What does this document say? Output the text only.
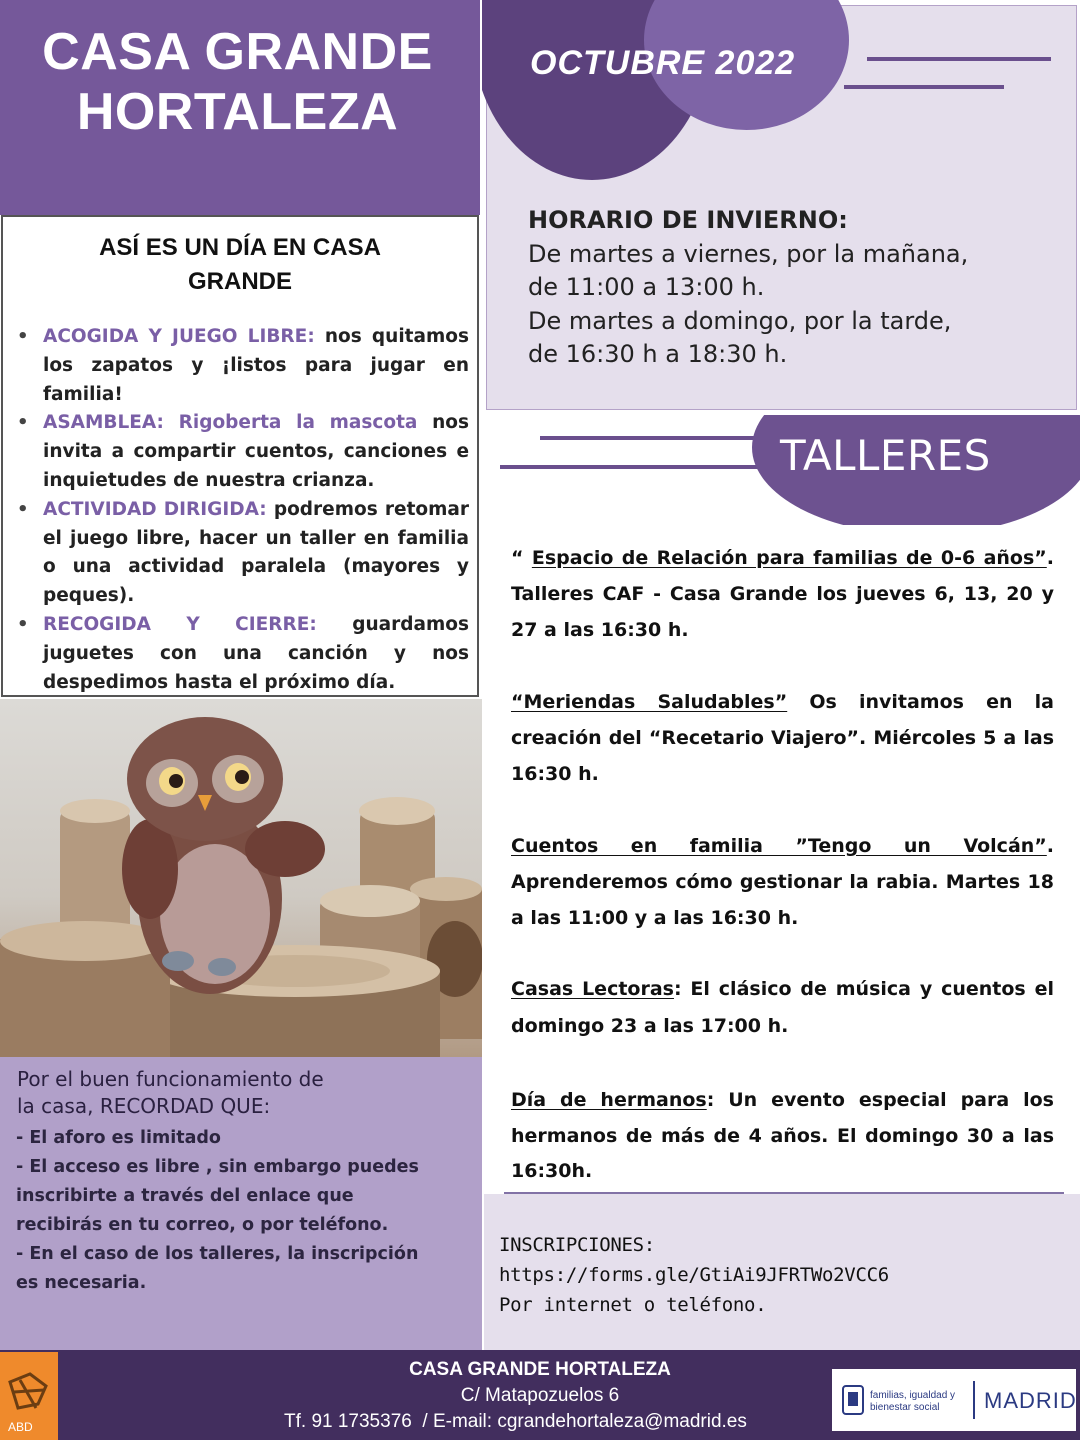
CASA GRANDE
HORTALEZA
OCTUBRE 2022
HORARIO DE INVIERNO:
De martes a viernes, por la mañana,
de 11:00 a 13:00 h.
De martes a domingo, por la tarde,
de 16:30 h a 18:30 h.
ASÍ ES UN DÍA EN CASA
GRANDE
• ACOGIDA Y JUEGO LIBRE: nos quitamos los zapatos y ¡listos para jugar en familia!
• ASAMBLEA: Rigoberta la mascota nos invita a compartir cuentos, canciones e inquietudes de nuestra crianza.
• ACTIVIDAD DIRIGIDA: podremos retomar el juego libre, hacer un taller en familia o una actividad paralela (mayores y peques).
• RECOGIDA Y CIERRE: guardamos juguetes con una canción y nos despedimos hasta el próximo día.
Por el buen funcionamiento de
la casa, RECORDAD QUE:
- El aforo es limitado
- El acceso es libre , sin embargo puedes
inscribirte a través del enlace que
recibirás en tu correo, o por teléfono.
- En el caso de los talleres, la inscripción
es necesaria.
TALLERES
“ Espacio de Relación para familias de 0-6 años”.
Talleres CAF - Casa Grande los jueves 6, 13, 20 y
27 a las 16:30 h.
“Meriendas Saludables” Os invitamos en la
creación del “Recetario Viajero”. Miércoles 5 a las
16:30 h.
Cuentos en familia ”Tengo un Volcán”.
Aprenderemos cómo gestionar la rabia. Martes 18
a las 11:00 y a las 16:30 h.
Casas Lectoras: El clásico de música y cuentos el
domingo 23 a las 17:00 h.
Día de hermanos: Un evento especial para los
hermanos de más de 4 años. El domingo 30 a las
16:30h.
INSCRIPCIONES:
https://forms.gle/GtiAi9JFRTWo2VCC6
Por internet o teléfono.
ABD
CASA GRANDE HORTALEZA
C/ Matapozuelos 6
Tf. 91 1735376  / E-mail: cgrandehortaleza@madrid.es
familias, igualdad y
bienestar social	MADRID
